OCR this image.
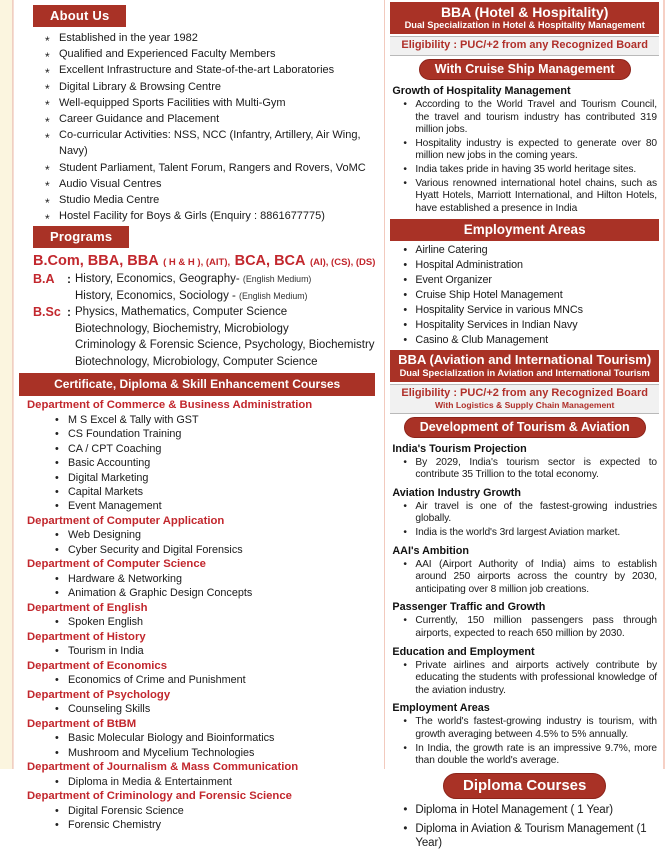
About Us
* Established in the year 1982
* Qualified and Experienced Faculty Members
* Excellent Infrastructure and State-of-the-art Laboratories
* Digital Library & Browsing Centre
* Well-equipped Sports Facilities with Multi-Gym
* Career Guidance and Placement
* Co-curricular Activities: NSS, NCC (Infantry, Artillery, Air Wing, Navy)
* Student Parliament, Talent Forum, Rangers and Rovers, VoMC
* Audio Visual Centres
* Studio Media Centre
* Hostel Facility for Boys & Girls (Enquiry : 8861677775)
Programs
B.Com, BBA, BBA ( H & H ), (AIT), BCA, BCA (AI), (CS), (DS)
B.A	: History, Economics, Geography- (English Medium)
History, Economics, Sociology - (English Medium)
B.Sc : Physics, Mathematics, Computer Science
Biotechnology, Biochemistry, Microbiology
Criminology & Forensic Science, Psychology, Biochemistry
Biotechnology, Microbiology, Computer Science
Certificate, Diploma & Skill Enhancement Courses
Department of Commerce & Business Administration
• M S Excel & Tally with GST
• CS Foundation Training
• CA / CPT Coaching
• Basic Accounting
• Digital Marketing
• Capital Markets
• Event Management
Department of Computer Application
• Web Designing
• Cyber Security and Digital Forensics
Department of Computer Science
• Hardware & Networking
• Animation & Graphic Design Concepts
Department of English
• Spoken English
Department of History
• Tourism in India
Department of Economics
• Economics of Crime and Punishment
Department of Psychology
• Counseling Skills
Department of BtBM
• Basic Molecular Biology and Bioinformatics
• Mushroom and Mycelium Technologies
Department of Journalism & Mass Communication
• Diploma in Media & Entertainment
Department of Criminology and Forensic Science
• Digital Forensic Science
• Forensic Chemistry
BBA (Hotel & Hospitality)
Dual Specialization in Hotel & Hospitality Management
Eligibility : PUC/+2 from any Recognized Board
With Cruise Ship Management
Growth of Hospitality Management
• According to the World Travel and Tourism Council, the travel and tourism industry has contributed 319 million jobs.
• Hospitality industry is expected to generate over 80 million new jobs in the coming years.
• India takes pride in having 35 world heritage sites.
• Various renowned international hotel chains, such as Hyatt Hotels, Marriott International, and Hilton Hotels, have established a presence in India
Employment Areas
• Airline Catering
• Hospital Administration
• Event Organizer
• Cruise Ship Hotel Management
• Hospitality Service in various MNCs
• Hospitality Services in Indian Navy
• Casino & Club Management
BBA (Aviation and International Tourism)
Dual Specialization in Aviation and International Tourism
Eligibility : PUC/+2 from any Recognized Board
With Logistics & Supply Chain Management
Development of Tourism & Aviation
India's Tourism Projection
• By 2029, India's tourism sector is expected to contribute 35 Trillion to the total economy.
Aviation Industry Growth
• Air travel is one of the fastest-growing industries globally.
• India is the world's 3rd largest Aviation market.
AAI's Ambition
• AAI (Airport Authority of India) aims to establish around 250 airports across the country by 2030, anticipating over 8 million job creations.
Passenger Traffic and Growth
• Currently, 150 million passengers pass through airports, expected to reach 650 million by 2030.
Education and Employment
• Private airlines and airports actively contribute by educating the students with professional knowledge of the aviation industry.
Employment Areas
• The world's fastest-growing industry is tourism, with growth averaging between 4.5% to 5% annually.
• In India, the growth rate is an impressive 9.7%, more than double the world's average.
Diploma Courses
• Diploma in Hotel Management ( 1 Year)
• Diploma in Aviation & Tourism Management (1 Year)
